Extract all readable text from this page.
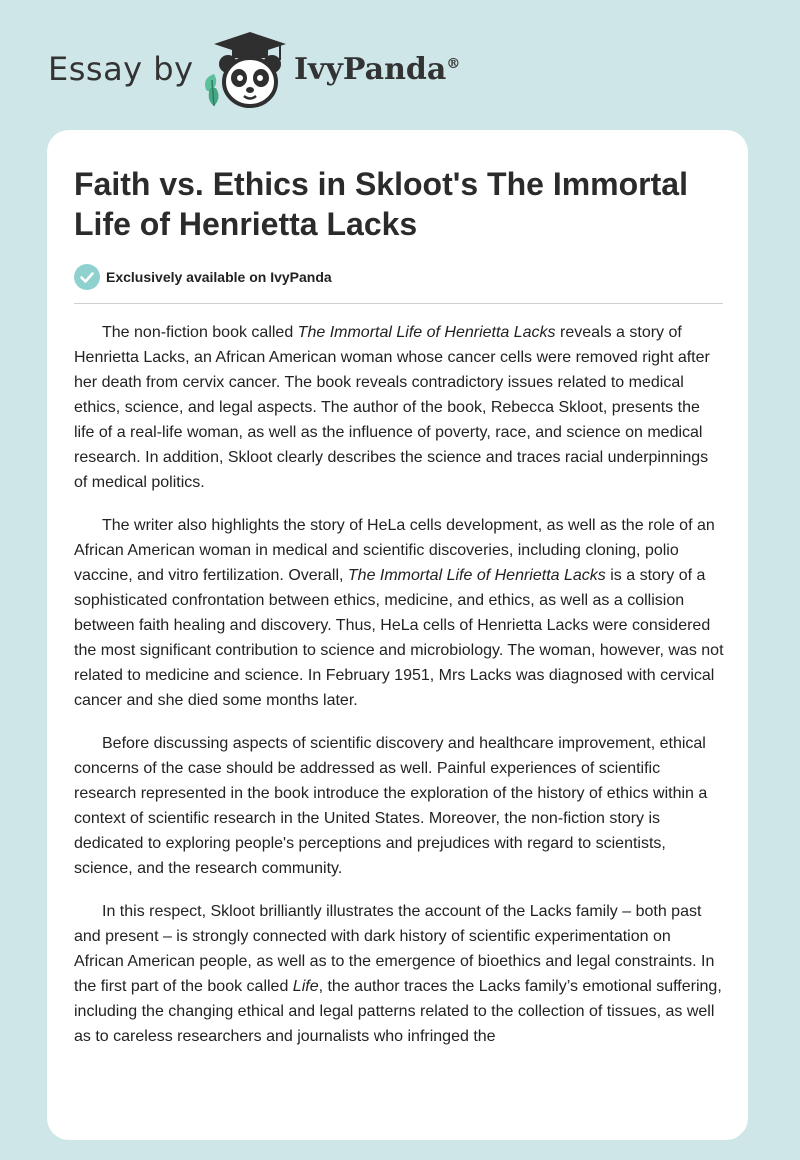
Essay by	IvyPanda®
Faith vs. Ethics in Skloot's The Immortal Life of Henrietta Lacks
Exclusively available on IvyPanda

The non-fiction book called The Immortal Life of Henrietta Lacks reveals a story of Henrietta Lacks, an African American woman whose cancer cells were removed right after her death from cervix cancer. The book reveals contradictory issues related to medical ethics, science, and legal aspects. The author of the book, Rebecca Skloot, presents the life of a real-life woman, as well as the influence of poverty, race, and science on medical research. In addition, Skloot clearly describes the science and traces racial underpinnings of medical politics.

The writer also highlights the story of HeLa cells development, as well as the role of an African American woman in medical and scientific discoveries, including cloning, polio vaccine, and vitro fertilization. Overall, The Immortal Life of Henrietta Lacks is a story of a sophisticated confrontation between ethics, medicine, and ethics, as well as a collision between faith healing and discovery. Thus, HeLa cells of Henrietta Lacks were considered the most significant contribution to science and microbiology. The woman, however, was not related to medicine and science. In February 1951, Mrs Lacks was diagnosed with cervical cancer and she died some months later.

Before discussing aspects of scientific discovery and healthcare improvement, ethical concerns of the case should be addressed as well. Painful experiences of scientific research represented in the book introduce the exploration of the history of ethics within a context of scientific research in the United States. Moreover, the non-fiction story is dedicated to exploring people's perceptions and prejudices with regard to scientists, science, and the research community.

In this respect, Skloot brilliantly illustrates the account of the Lacks family – both past and present – is strongly connected with dark history of scientific experimentation on African American people, as well as to the emergence of bioethics and legal constraints. In the first part of the book called Life, the author traces the Lacks family’s emotional suffering, including the changing ethical and legal patterns related to the collection of tissues, as well as to careless researchers and journalists who infringed the
